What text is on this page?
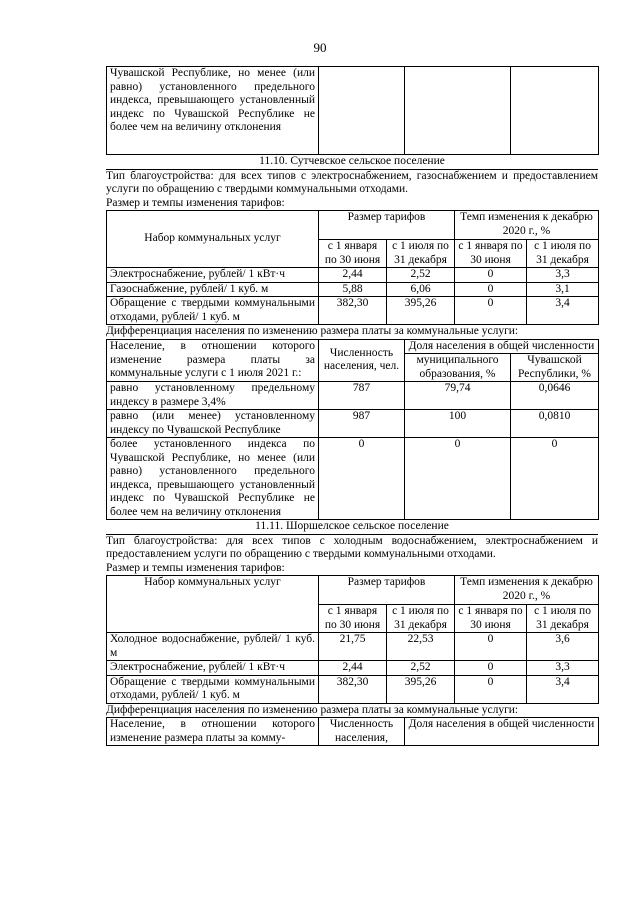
90
Чувашской Республике, но менее (или равно) установленного предельного индекса, превышающего установленный индекс по Чувашской Республике не более чем на величину отклонения			
11.10. Сутчевское сельское поселение
Тип благоустройства: для всех типов с электроснабжением, газоснабжением и предоставлением услуги по обращению с твердыми коммунальными отходами.
Размер и темпы изменения тарифов:
Набор коммунальных услуг	Размер тарифов		Темп изменения к декабрю 2020 г., %	
	с 1 января по 30 июня	с 1 июля по 31 декабря	с 1 января по 30 июня	с 1 июля по 31 декабря
Электроснабжение, рублей/ 1 кВт·ч	2,44	2,52	0	3,3
Газоснабжение, рублей/ 1 куб. м	5,88	6,06	0	3,1
Обращение с твердыми коммунальными отходами, рублей/ 1 куб. м	382,30	395,26	0	3,4
Дифференциация населения по изменению размера платы за коммунальные услуги:
Население, в отношении которого изменение размера платы за коммунальные услуги с 1 июля 2021 г.:	Численность населения, чел.	Доля населения в общей численности	
		муниципального образования, %	Чувашской Республики, %
равно установленному предельному индексу в размере 3,4%	787	79,74	0,0646
равно (или менее) установленному индексу по Чувашской Республике	987	100	0,0810
более установленного индекса по Чувашской Республике, но менее (или равно) установленного предельного индекса, превышающего установленный индекс по Чувашской Республике не более чем на величину отклонения	0	0	0
11.11. Шоршелское сельское поселение
Тип благоустройства: для всех типов с холодным водоснабжением, электроснабжением и предоставлением услуги по обращению с твердыми коммунальными отходами.
Размер и темпы изменения тарифов:
Набор коммунальных услуг	Размер тарифов		Темп изменения к декабрю 2020 г., %	
	с 1 января по 30 июня	с 1 июля по 31 декабря	с 1 января по 30 июня	с 1 июля по 31 декабря
Холодное водоснабжение, рублей/ 1 куб. м	21,75	22,53	0	3,6
Электроснабжение, рублей/ 1 кВт·ч	2,44	2,52	0	3,3
Обращение с твердыми коммунальными отходами, рублей/ 1 куб. м	382,30	395,26	0	3,4
Дифференциация населения по изменению размера платы за коммунальные услуги:
Население, в отношении которого изменение размера платы за комму-	Численность населения,	Доля населения в общей численности
